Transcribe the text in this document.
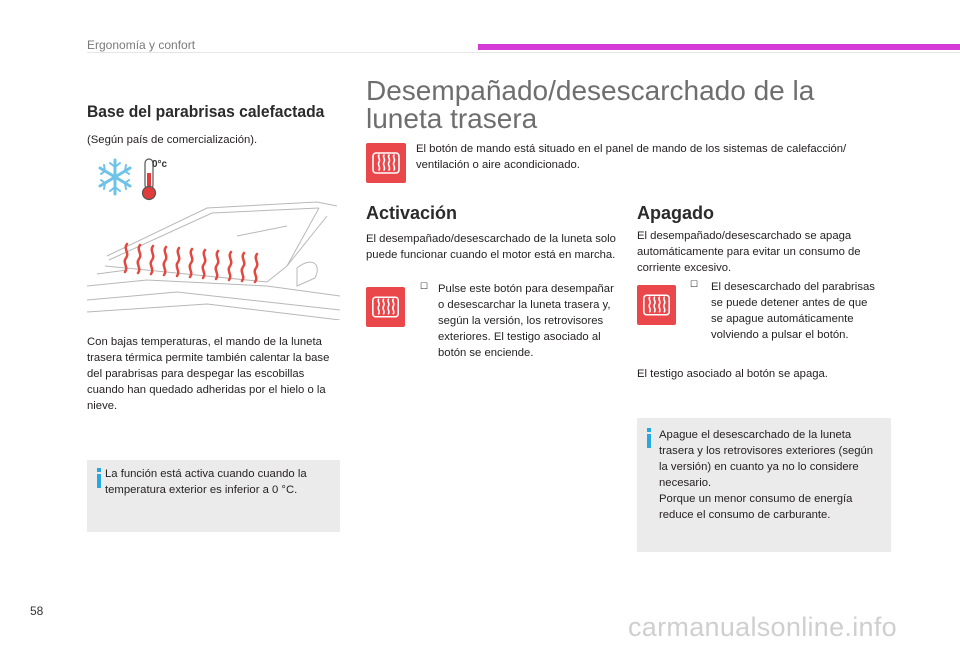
Ergonomía y confort
Base del parabrisas calefactada
(Según país de comercialización).
0°c
Con bajas temperaturas, el mando de la luneta trasera térmica permite también calentar la base del parabrisas para despegar las escobillas cuando han quedado adheridas por el hielo o la nieve.
La función está activa cuando cuando la temperatura exterior es inferior a 0 °C.
Desempañado/desescarchado de la luneta trasera
El botón de mando está situado en el panel de mando de los sistemas de calefacción/ ventilación o aire acondicionado.
Activación
El desempañado/desescarchado de la luneta solo puede funcionar cuando el motor está en marcha.
☐ Pulse este botón para desempañar o desescarchar la luneta trasera y, según la versión, los retrovisores exteriores. El testigo asociado al botón se enciende.
Apagado
El desempañado/desescarchado se apaga automáticamente para evitar un consumo de corriente excesivo.
☐ El desescarchado del parabrisas se puede detener antes de que se apague automáticamente volviendo a pulsar el botón.
El testigo asociado al botón se apaga.
Apague el desescarchado de la luneta trasera y los retrovisores exteriores (según la versión) en cuanto ya no lo considere necesario.
Porque un menor consumo de energía reduce el consumo de carburante.
58
carmanualsonline.info
